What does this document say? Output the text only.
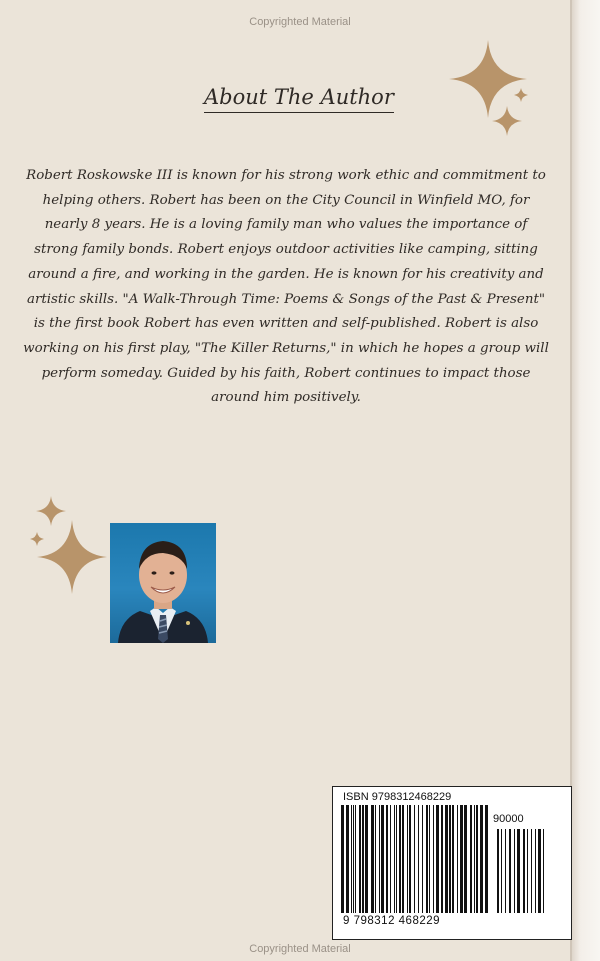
Copyrighted Material
About The Author
Robert Roskowske III is known for his strong work ethic and commitment to helping others. Robert has been on the City Council in Winfield MO, for nearly 8 years. He is a loving family man who values the importance of strong family bonds. Robert enjoys outdoor activities like camping, sitting around a fire, and working in the garden. He is known for his creativity and artistic skills. "A Walk-Through Time: Poems & Songs of the Past & Present" is the first book Robert has even written and self-published. Robert is also working on his first play, "The Killer Returns," in which he hopes a group will perform someday. Guided by his faith, Robert continues to impact those around him positively.
ISBN 9798312468229
90000
9 798312 468229
Copyrighted Material
